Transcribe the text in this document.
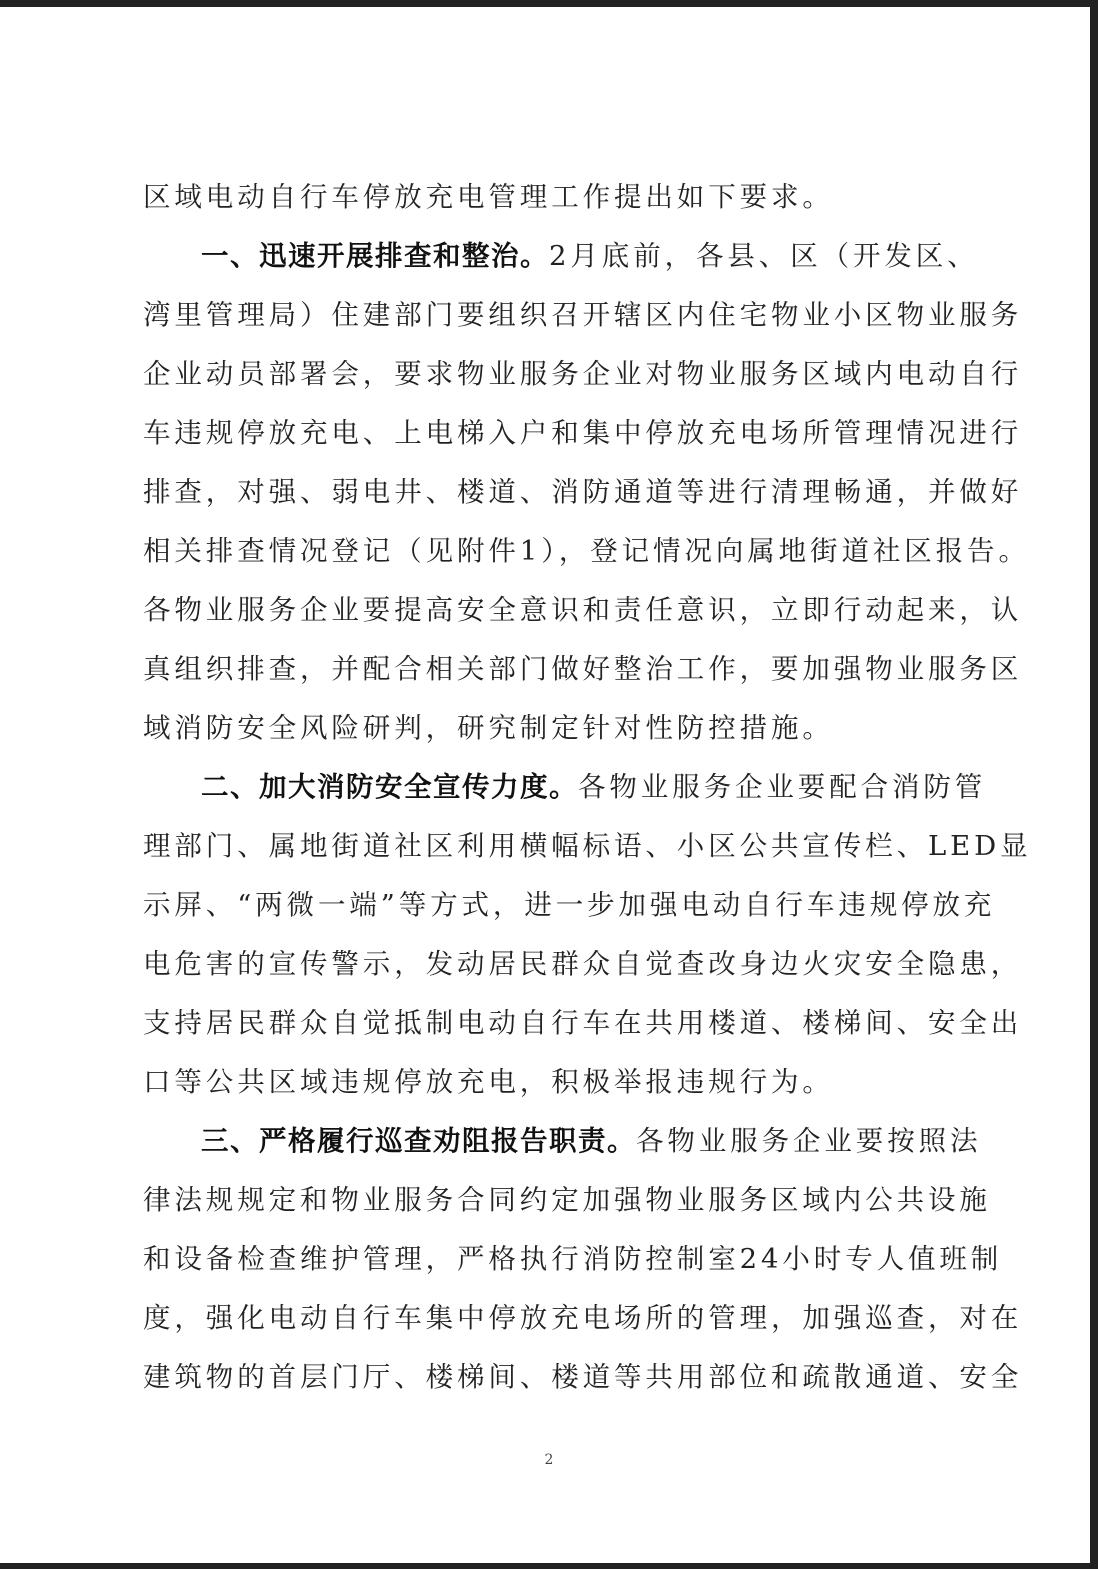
区域电动自行车停放充电管理工作提出如下要求。

一、迅速开展排查和整治。2月底前，各县、区（开发区、

湾里管理局）住建部门要组织召开辖区内住宅物业小区物业服务

企业动员部署会，要求物业服务企业对物业服务区域内电动自行

车违规停放充电、上电梯入户和集中停放充电场所管理情况进行

排查，对强、弱电井、楼道、消防通道等进行清理畅通，并做好

相关排查情况登记（见附件1），登记情况向属地街道社区报告。

各物业服务企业要提高安全意识和责任意识，立即行动起来，认

真组织排查，并配合相关部门做好整治工作，要加强物业服务区

域消防安全风险研判，研究制定针对性防控措施。

二、加大消防安全宣传力度。各物业服务企业要配合消防管

理部门、属地街道社区利用横幅标语、小区公共宣传栏、LED显

示屏、“两微一端”等方式，进一步加强电动自行车违规停放充

电危害的宣传警示，发动居民群众自觉查改身边火灾安全隐患，

支持居民群众自觉抵制电动自行车在共用楼道、楼梯间、安全出

口等公共区域违规停放充电，积极举报违规行为。

三、严格履行巡查劝阻报告职责。各物业服务企业要按照法

律法规规定和物业服务合同约定加强物业服务区域内公共设施

和设备检查维护管理，严格执行消防控制室24小时专人值班制

度，强化电动自行车集中停放充电场所的管理，加强巡查，对在

建筑物的首层门厅、楼梯间、楼道等共用部位和疏散通道、安全

2
